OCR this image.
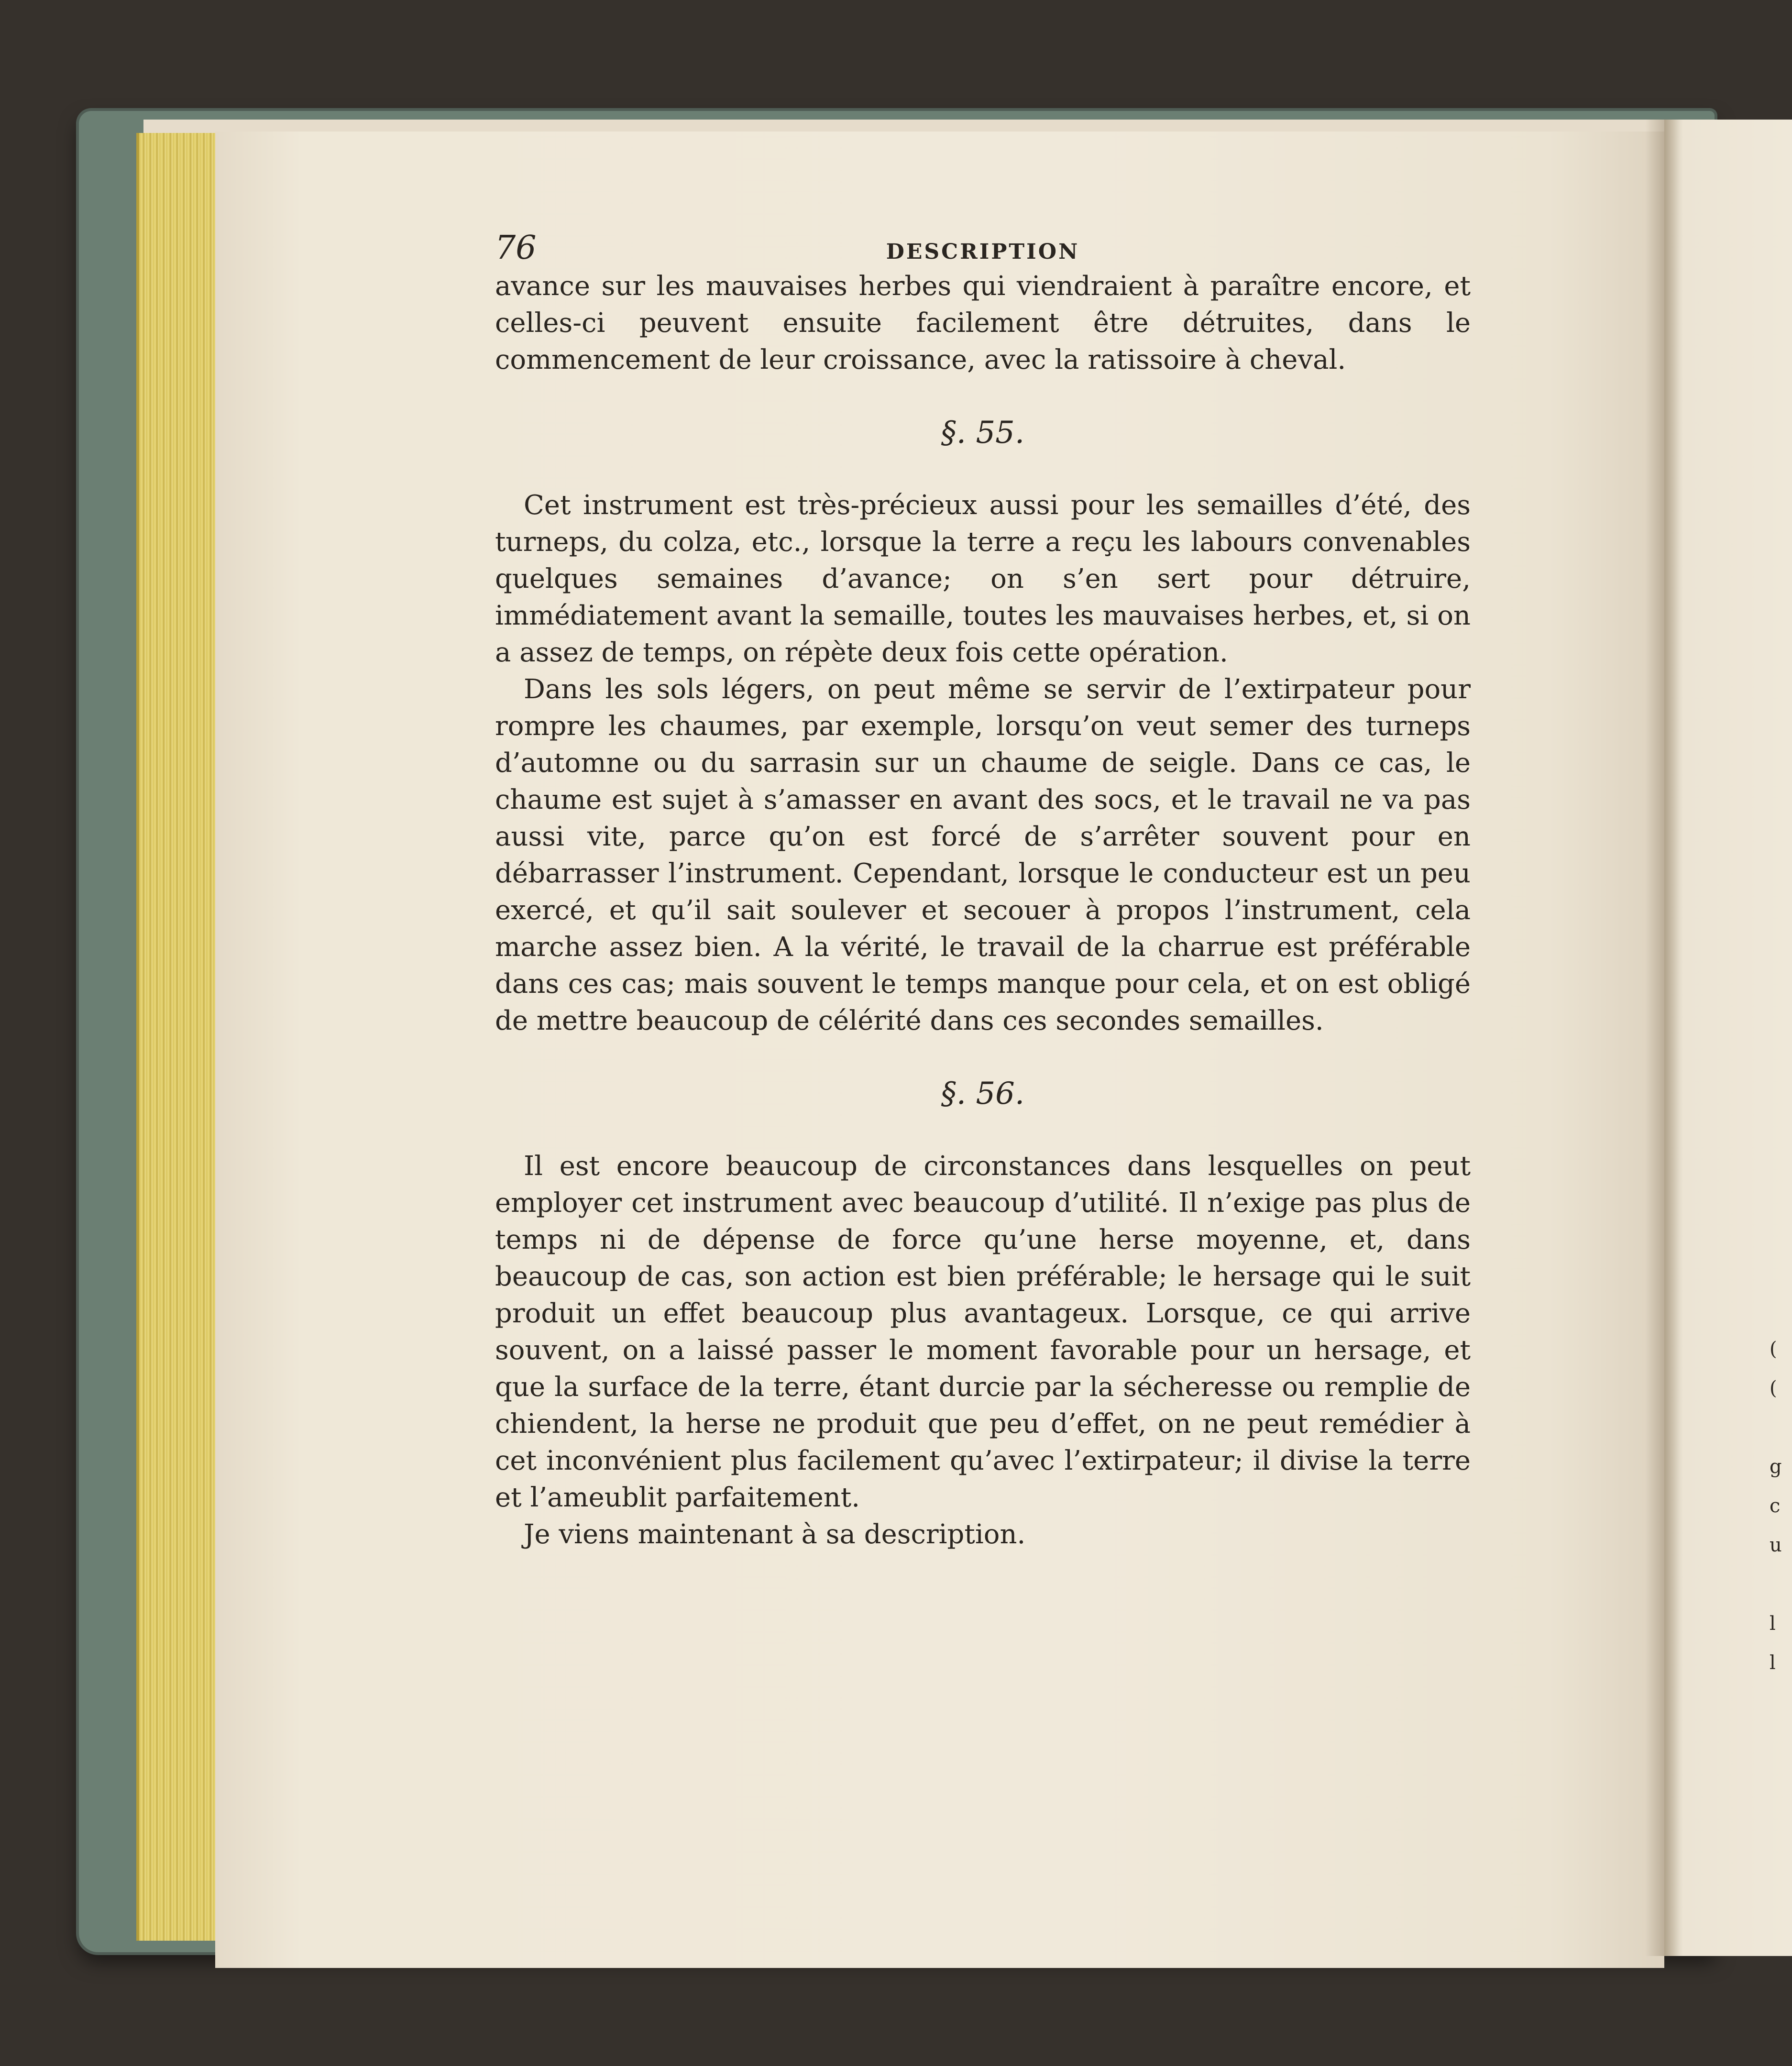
(
(

g
c
u

l
l
76	DESCRIPTION

avance sur les mauvaises herbes qui viendraient à paraître encore, et celles-ci peuvent ensuite facilement être détruites, dans le commencement de leur croissance, avec la ratissoire à cheval.

§. 55.

Cet instrument est très-précieux aussi pour les semailles d’été, des turneps, du colza, etc., lorsque la terre a reçu les labours convenables quelques semaines d’avance; on s’en sert pour détruire, immédiatement avant la semaille, toutes les mauvaises herbes, et, si on a assez de temps, on répète deux fois cette opération.

Dans les sols légers, on peut même se servir de l’extirpateur pour rompre les chaumes, par exemple, lorsqu’on veut semer des turneps d’automne ou du sarrasin sur un chaume de seigle. Dans ce cas, le chaume est sujet à s’amasser en avant des socs, et le travail ne va pas aussi vite, parce qu’on est forcé de s’arrêter souvent pour en débarrasser l’instrument. Cependant, lorsque le conducteur est un peu exercé, et qu’il sait soulever et secouer à propos l’instrument, cela marche assez bien. A la vérité, le travail de la charrue est préférable dans ces cas; mais souvent le temps manque pour cela, et on est obligé de mettre beaucoup de célérité dans ces secondes semailles.

§. 56.

Il est encore beaucoup de circonstances dans lesquelles on peut employer cet instrument avec beaucoup d’utilité. Il n’exige pas plus de temps ni de dépense de force qu’une herse moyenne, et, dans beaucoup de cas, son action est bien préférable; le hersage qui le suit produit un effet beaucoup plus avantageux. Lorsque, ce qui arrive souvent, on a laissé passer le moment favorable pour un hersage, et que la surface de la terre, étant durcie par la sécheresse ou remplie de chiendent, la herse ne produit que peu d’effet, on ne peut remédier à cet inconvénient plus facilement qu’avec l’extirpateur; il divise la terre et l’ameublit parfaitement.

Je viens maintenant à sa description.
